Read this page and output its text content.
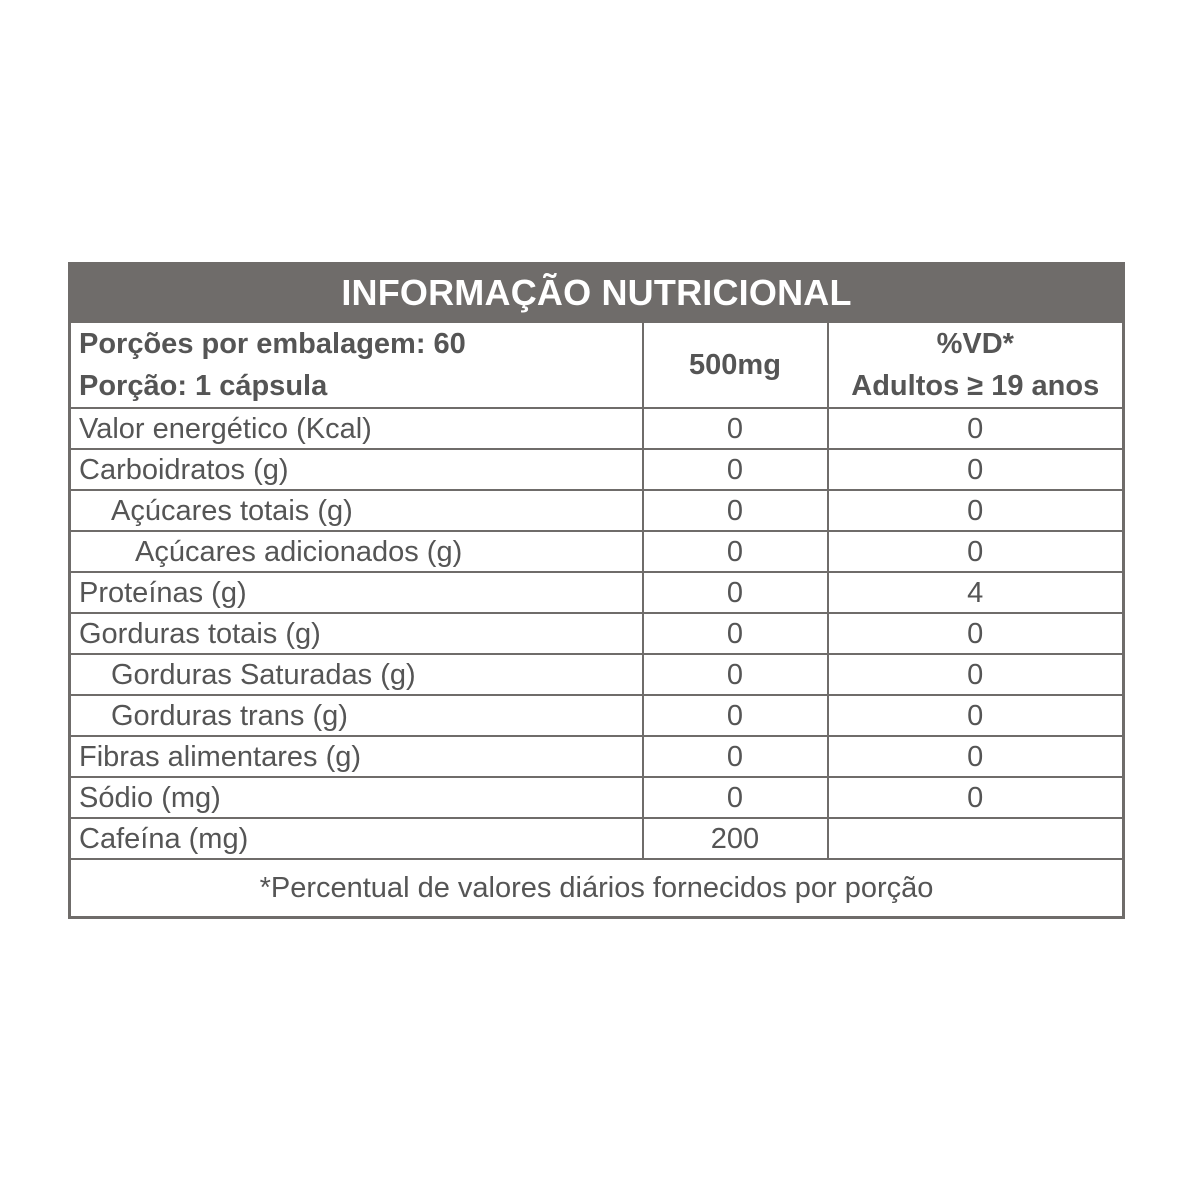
INFORMAÇÃO NUTRICIONAL		

Porções por embalagem: 60
Porção: 1 cápsula	500mg	%VD*
Adultos ≥ 19 anos

Valor energético (Kcal)	0	0
Carboidratos (g)	0	0
Açúcares totais (g)	0	0
Açúcares adicionados (g)	0	0
Proteínas (g)	0	4
Gorduras totais (g)	0	0
Gorduras Saturadas (g)	0	0
Gorduras trans (g)	0	0
Fibras alimentares (g)	0	0
Sódio (mg)	0	0
Cafeína (mg)	200	
*Percentual de valores diários fornecidos por porção		
